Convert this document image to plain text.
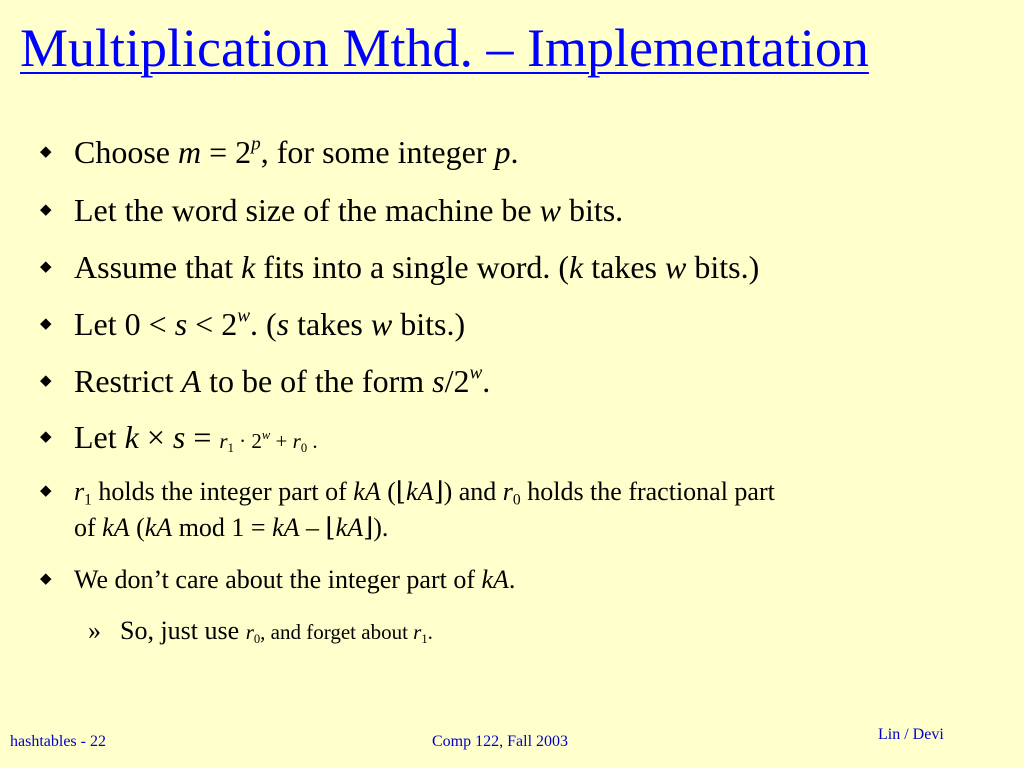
Multiplication Mthd. – Implementation
◆ Choose $m = 2^p$, for some integer p.
◆ Let the word size of the machine be w bits.
◆ Assume that k fits into a single word. (k takes w bits.)
◆ Let $0 < s < 2^w$. (s takes w bits.)
◆ Restrict A to be of the form s/2$^w$.
◆ Let $k \times s = r_1 \cdot 2^w + r_0$ .
◆ $r_1$ holds the integer part of kA (⌊kA⌋) and $r_0$ holds the fractional part
of kA (kA mod 1 = kA – ⌊kA⌋).
◆ We don’t care about the integer part of kA.
» So, just use $r_0$, and forget about $r_1$.
hashtables - 22	Comp 122, Fall 2003	Lin / Devi
